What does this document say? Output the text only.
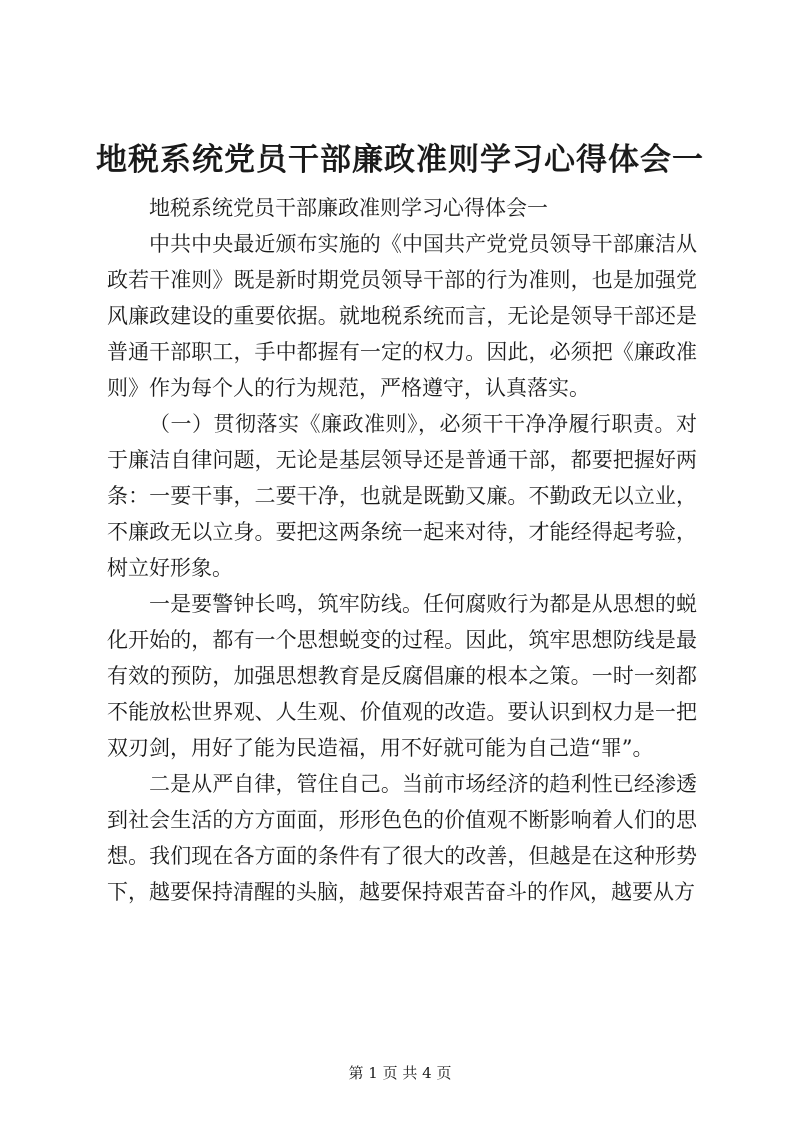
地税系统党员干部廉政准则学习心得体会一

地税系统党员干部廉政准则学习心得体会一

中共中央最近颁布实施的《中国共产党党员领导干部廉洁从政若干准则》既是新时期党员领导干部的行为准则，也是加强党风廉政建设的重要依据。就地税系统而言，无论是领导干部还是普通干部职工，手中都握有一定的权力。因此，必须把《廉政准则》作为每个人的行为规范，严格遵守，认真落实。

（一）贯彻落实《廉政准则》，必须干干净净履行职责。对于廉洁自律问题，无论是基层领导还是普通干部，都要把握好两条：一要干事，二要干净，也就是既勤又廉。不勤政无以立业，不廉政无以立身。要把这两条统一起来对待，才能经得起考验，树立好形象。

一是要警钟长鸣，筑牢防线。任何腐败行为都是从思想的蜕化开始的，都有一个思想蜕变的过程。因此，筑牢思想防线是最有效的预防，加强思想教育是反腐倡廉的根本之策。一时一刻都不能放松世界观、人生观、价值观的改造。要认识到权力是一把双刃剑，用好了能为民造福，用不好就可能为自己造“罪”。

二是从严自律，管住自己。当前市场经济的趋利性已经渗透到社会生活的方方面面，形形色色的价值观不断影响着人们的思想。我们现在各方面的条件有了很大的改善，但越是在这种形势下，越要保持清醒的头脑，越要保持艰苦奋斗的作风，越要从方

第 1 页 共 4 页
